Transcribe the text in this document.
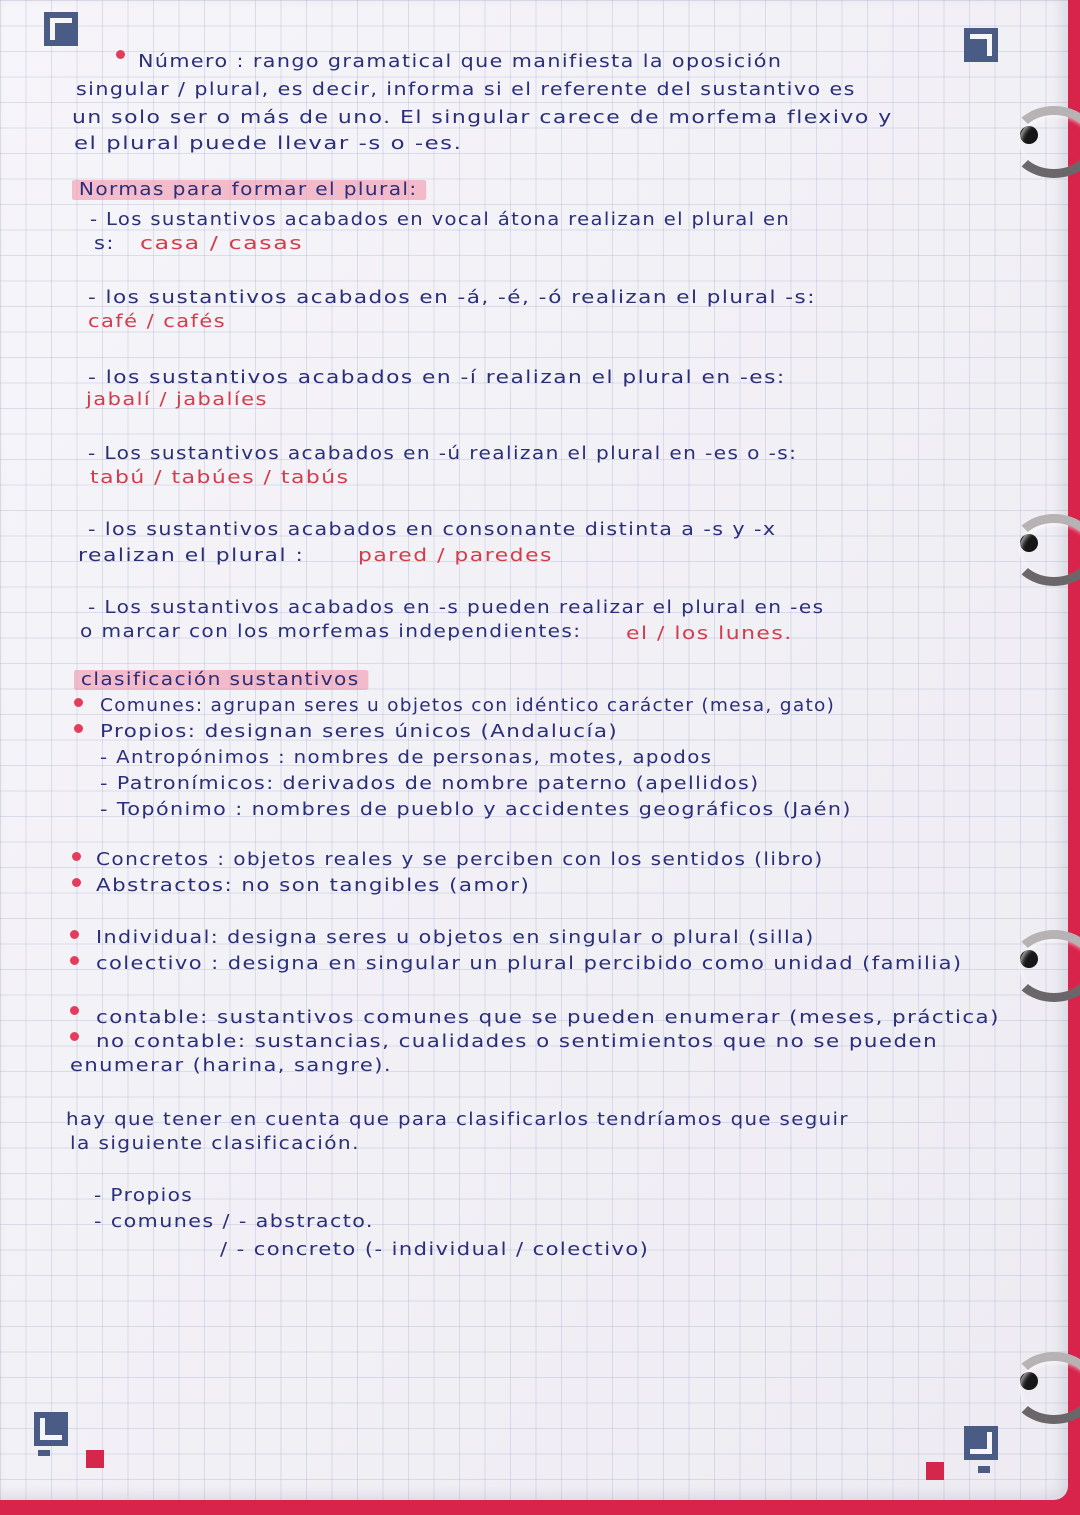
Número : rango gramatical que manifiesta la oposición
singular / plural, es decir, informa si el referente del sustantivo es
un solo ser o más de uno. El singular carece de morfema flexivo y
el plural puede llevar -s o -es.
Normas para formar el plural:
- Los sustantivos acabados en vocal átona realizan el plural en
s: casa / casas
- los sustantivos acabados en -á, -é, -ó realizan el plural -s:
café / cafés
- los sustantivos acabados en -í realizan el plural en -es:
jabalí / jabalíes
- Los sustantivos acabados en -ú realizan el plural en -es o -s:
tabú / tabúes / tabús
- los sustantivos acabados en consonante distinta a -s y -x
realizan el plural :	pared / paredes
- Los sustantivos acabados en -s pueden realizar el plural en -es
o marcar con los morfemas independientes:	el / los lunes.
clasificación sustantivos
Comunes: agrupan seres u objetos con idéntico carácter (mesa, gato)
Propios: designan seres únicos (Andalucía)
- Antropónimos : nombres de personas, motes, apodos
- Patronímicos: derivados de nombre paterno (apellidos)
- Topónimo : nombres de pueblo y accidentes geográficos (Jaén)
Concretos : objetos reales y se perciben con los sentidos (libro)
Abstractos: no son tangibles (amor)
Individual: designa seres u objetos en singular o plural (silla)
colectivo : designa en singular un plural percibido como unidad (familia)
contable: sustantivos comunes que se pueden enumerar (meses, práctica)
no contable: sustancias, cualidades o sentimientos que no se pueden
enumerar (harina, sangre).
hay que tener en cuenta que para clasificarlos tendríamos que seguir
la siguiente clasificación.
- Propios
- comunes / - abstracto.
/ - concreto (- individual / colectivo)
